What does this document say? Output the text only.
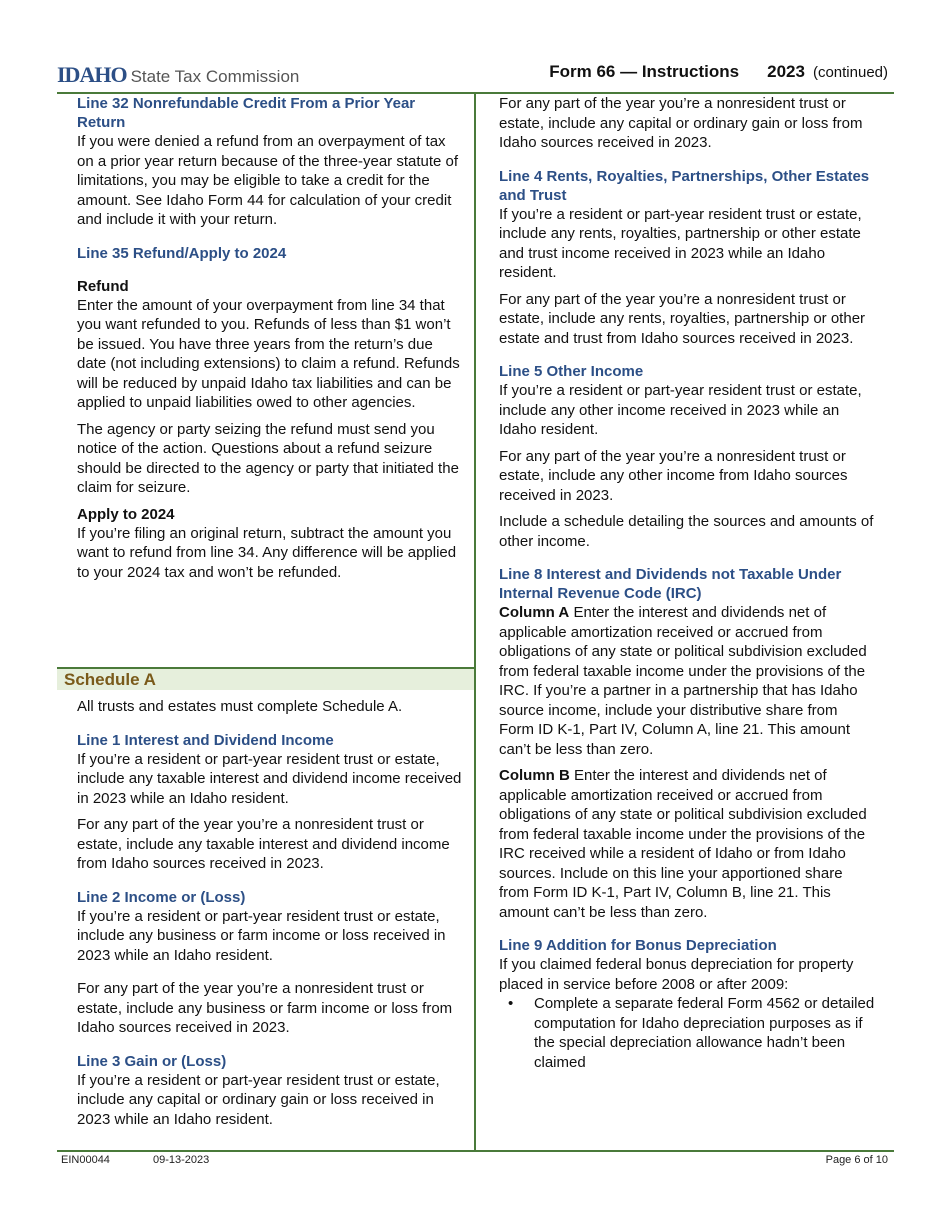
IDAHO State Tax Commission	Form 66 — Instructions 2023 (continued)
Line 32 Nonrefundable Credit From a Prior Year Return

If you were denied a refund from an overpayment of tax on a prior year return because of the three-year statute of limitations, you may be eligible to take a credit for the amount. See Idaho Form 44 for calculation of your credit and include it with your return.

Line 35 Refund/Apply to 2024
Refund

Enter the amount of your overpayment from line 34 that you want refunded to you. Refunds of less than $1 won’t be issued. You have three years from the return’s due date (not including extensions) to claim a refund. Refunds will be reduced by unpaid Idaho tax liabilities and can be applied to unpaid liabilities owed to other agencies.

The agency or party seizing the refund must send you notice of the action. Questions about a refund seizure should be directed to the agency or party that initiated the claim for seizure.

Apply to 2024

If you’re filing an original return, subtract the amount you want to refund from line 34. Any difference will be applied to your 2024 tax and won’t be refunded.

Schedule A

All trusts and estates must complete Schedule A.

Line 1 Interest and Dividend Income

If you’re a resident or part-year resident trust or estate, include any taxable interest and dividend income received in 2023 while an Idaho resident.

For any part of the year you’re a nonresident trust or estate, include any taxable interest and dividend income from Idaho sources received in 2023.

Line 2 Income or (Loss)

If you’re a resident or part-year resident trust or estate, include any business or farm income or loss received in 2023 while an Idaho resident.

For any part of the year you’re a nonresident trust or estate, include any business or farm income or loss from Idaho sources received in 2023.

Line 3 Gain or (Loss)

If you’re a resident or part-year resident trust or estate, include any capital or ordinary gain or loss received in 2023 while an Idaho resident.

For any part of the year you’re a nonresident trust or estate, include any capital or ordinary gain or loss from Idaho sources received in 2023.

Line 4 Rents, Royalties, Partnerships, Other Estates and Trust

If you’re a resident or part-year resident trust or estate, include any rents, royalties, partnership or other estate and trust income received in 2023 while an Idaho resident.

For any part of the year you’re a nonresident trust or estate, include any rents, royalties, partnership or other estate and trust from Idaho sources received in 2023.

Line 5 Other Income

If you’re a resident or part-year resident trust or estate, include any other income received in 2023 while an Idaho resident.

For any part of the year you’re a nonresident trust or estate, include any other income from Idaho sources received in 2023.

Include a schedule detailing the sources and amounts of other income.

Line 8 Interest and Dividends not Taxable Under Internal Revenue Code (IRC)

Column A Enter the interest and dividends net of applicable amortization received or accrued from obligations of any state or political subdivision excluded from federal taxable income under the provisions of the IRC. If you’re a partner in a partnership that has Idaho source income, include your distributive share from Form ID K-1, Part IV, Column A, line 21. This amount can’t be less than zero.

Column B Enter the interest and dividends net of applicable amortization received or accrued from obligations of any state or political subdivision excluded from federal taxable income under the provisions of the IRC received while a resident of Idaho or from Idaho sources. Include on this line your apportioned share from Form ID K-1, Part IV, Column B, line 21. This amount can’t be less than zero.

Line 9 Addition for Bonus Depreciation

If you claimed federal bonus depreciation for property placed in service before 2008 or after 2009:

• Complete a separate federal Form 4562 or detailed computation for Idaho depreciation purposes as if the special depreciation allowance hadn’t been claimed
EIN00044	09-13-2023	Page 6 of 10
